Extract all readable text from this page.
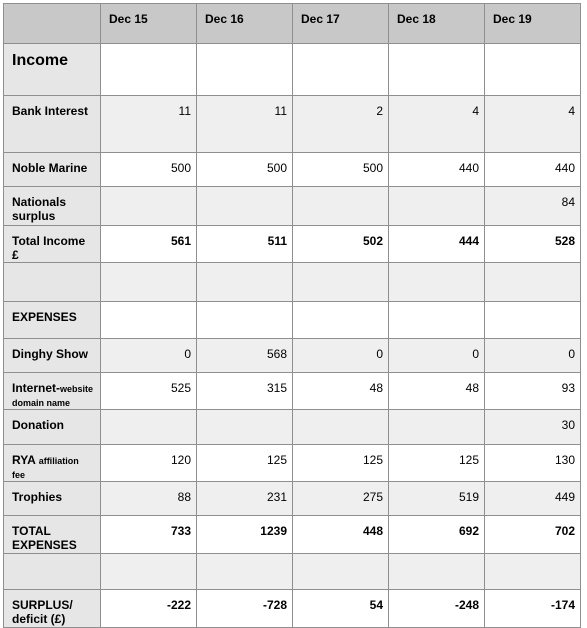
	Dec 15	Dec 16	Dec 17	Dec 18	Dec 19
Income					
Bank Interest	11	11	2	4	4
Noble Marine	500	500	500	440	440
Nationals surplus					84
Total Income £	561	511	502	444	528

EXPENSES					
Dinghy Show	0	568	0	0	0
Internet-website domain name	525	315	48	48	93
Donation					30
RYA affiliation fee	120	125	125	125	130
Trophies	88	231	275	519	449
TOTAL EXPENSES	733	1239	448	692	702

SURPLUS/
deficit (£)	-222	-728	54	-248	-174
